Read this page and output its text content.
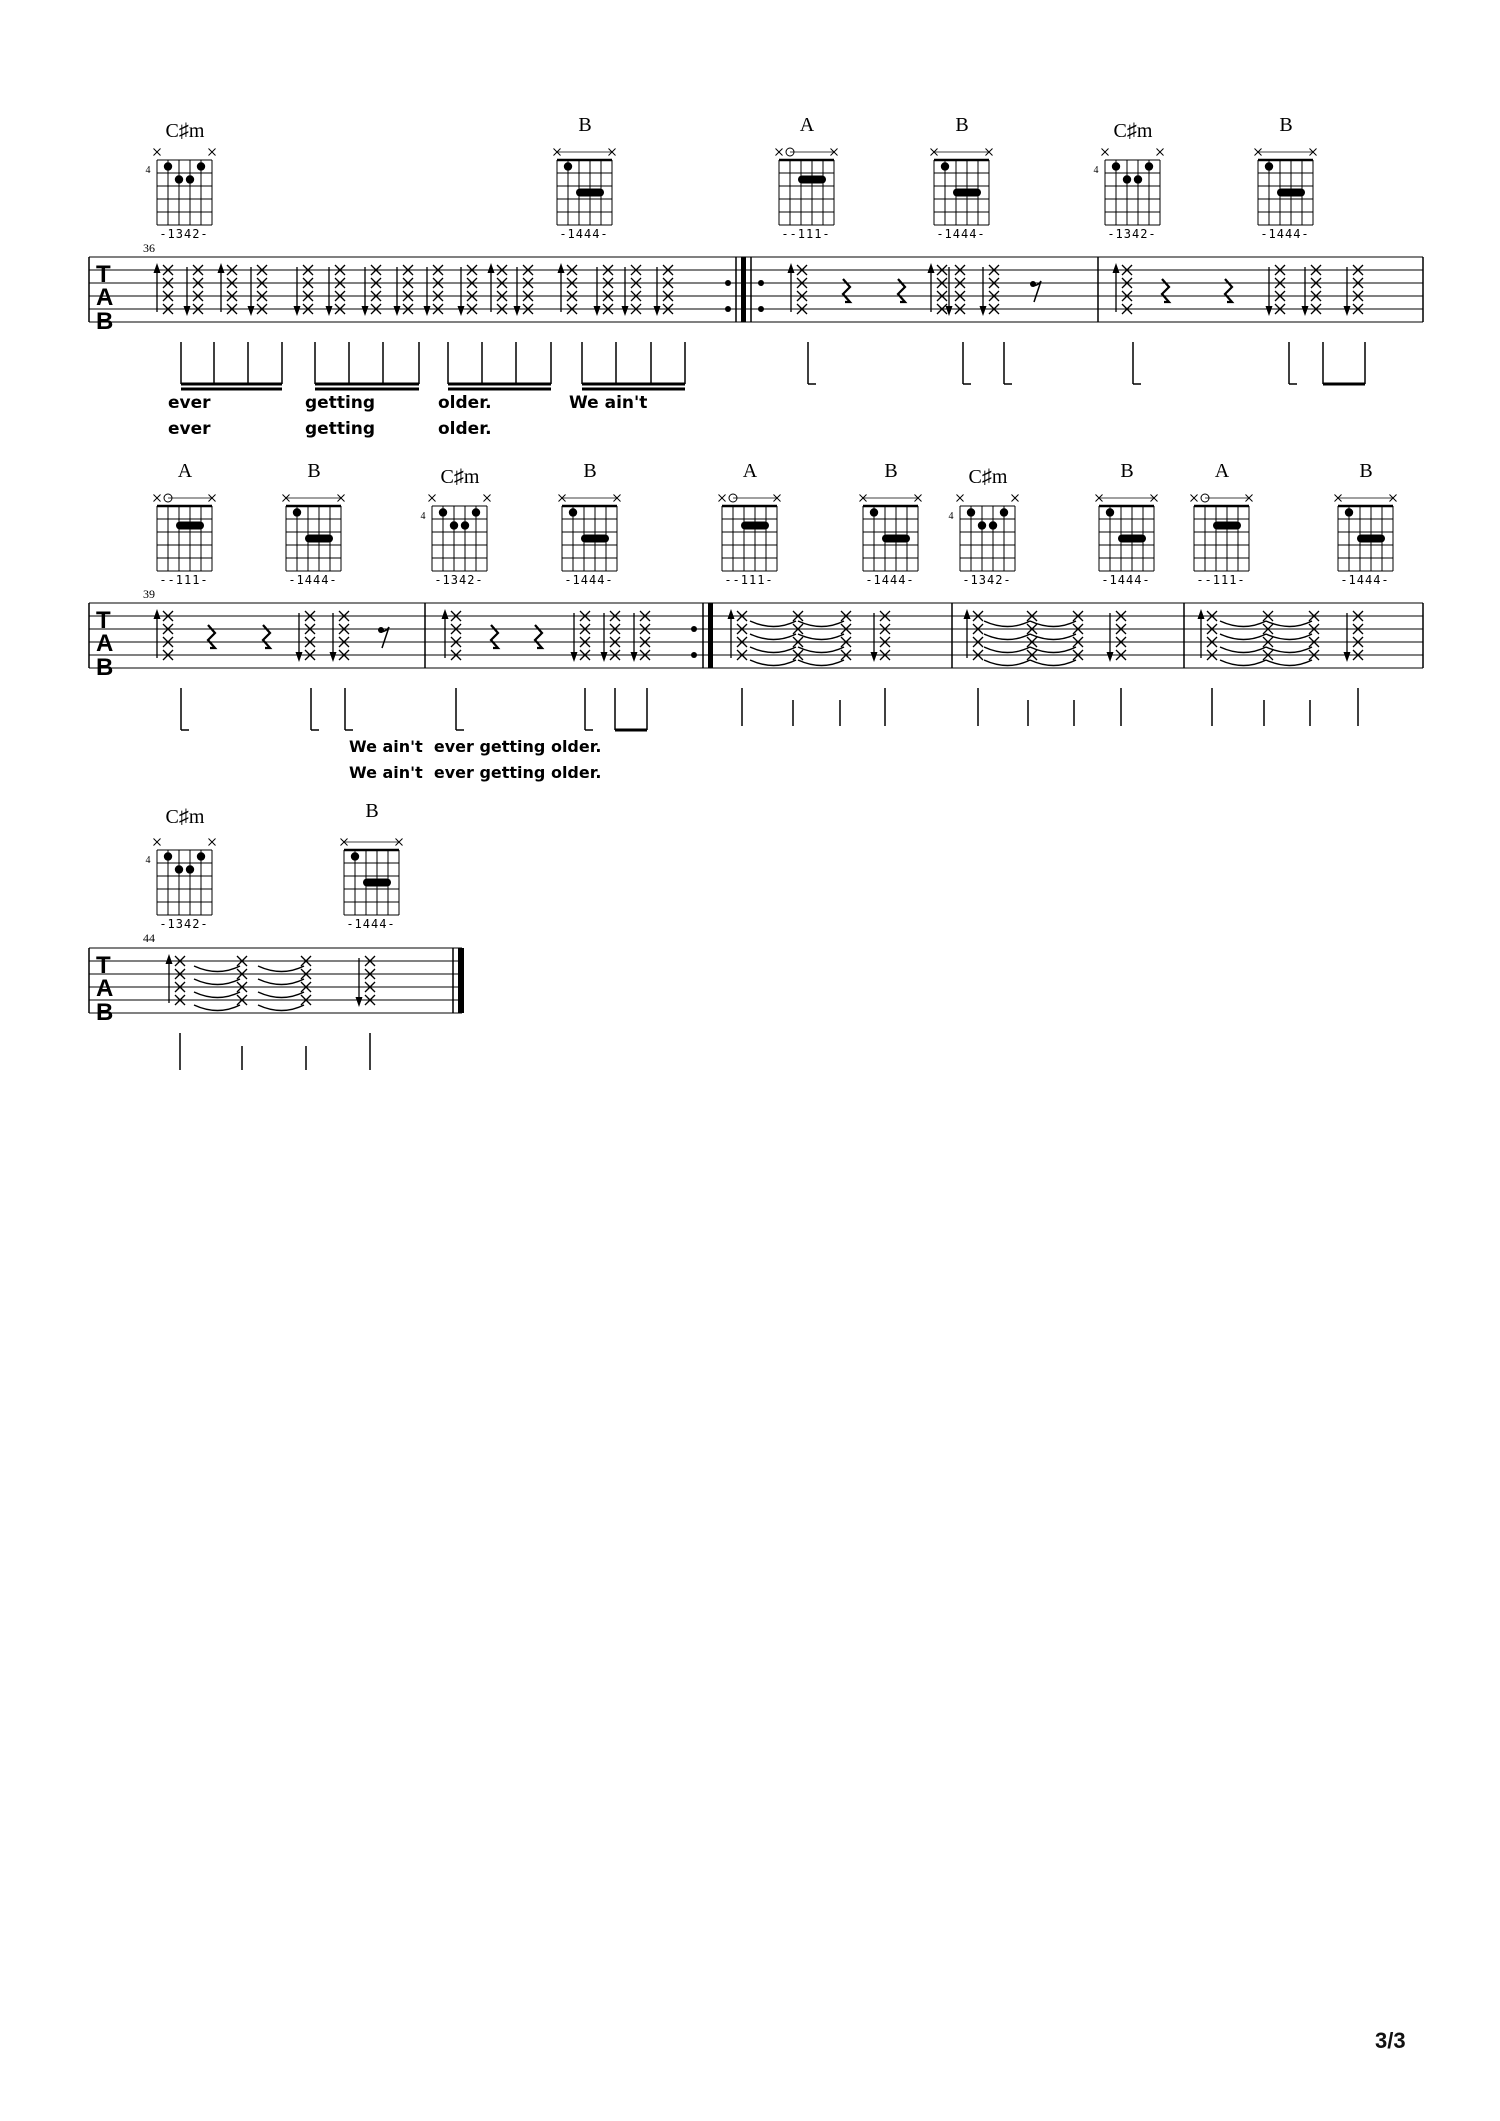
C♯m	B	A	B	C♯m	B
-1342-	-1444-	--111-	-1444-	-1342-	-1444-
4	4
36
T
A
B
ever	getting	older.	We ain't
ever	getting	older.
A	B	C♯m	B	A	B	C♯m	B	A	B
--111-	-1444-	-1342-	-1444-	--111-	-1444-	-1342-	-1444-	--111-	-1444-
4	4
39
T
A
B
We ain't  ever getting older.
We ain't  ever getting older.
C♯m	B
-1342-	-1444-
4
44
T
A
B
3/3
